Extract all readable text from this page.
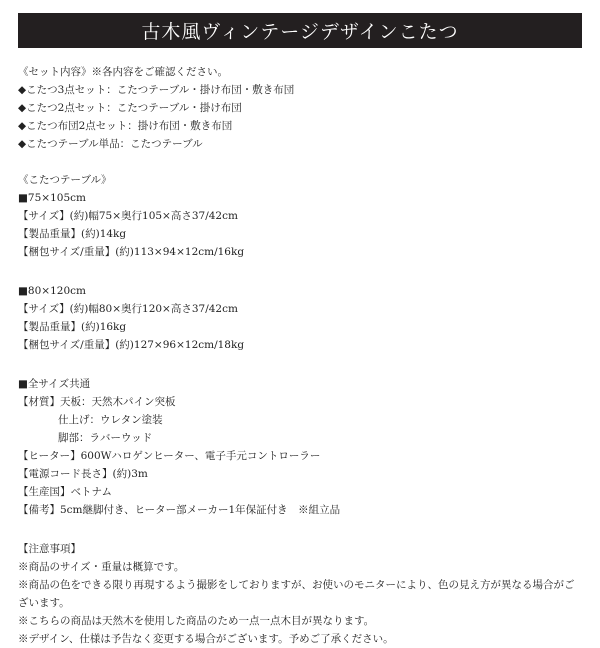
古木風ヴィンテージデザインこたつ
《セット内容》※各内容をご確認ください。
◆こたつ3点セット：こたつテーブル・掛け布団・敷き布団
◆こたつ2点セット：こたつテーブル・掛け布団
◆こたつ布団2点セット：掛け布団・敷き布団
◆こたつテーブル単品：こたつテーブル
《こたつテーブル》
■75×105cm
【サイズ】(約)幅75×奥行105×高さ37/42cm
【製品重量】(約)14kg
【梱包サイズ/重量】(約)113×94×12cm/16kg
■80×120cm
【サイズ】(約)幅80×奥行120×高さ37/42cm
【製品重量】(約)16kg
【梱包サイズ/重量】(約)127×96×12cm/18kg
■全サイズ共通
【材質】天板：天然木パイン突板
仕上げ：ウレタン塗装
脚部：ラバーウッド
【ヒーター】600Wハロゲンヒーター、電子手元コントローラー
【電源コード長さ】(約)3m
【生産国】ベトナム
【備考】5cm継脚付き、ヒーター部メーカー1年保証付き　※組立品
【注意事項】
※商品のサイズ・重量は概算です。
※商品の色をできる限り再現するよう撮影をしておりますが、お使いのモニターにより、色の見え方が異なる場合がございます。
※こちらの商品は天然木を使用した商品のため一点一点木目が異なります。
※デザイン、仕様は予告なく変更する場合がございます。予めご了承ください。
